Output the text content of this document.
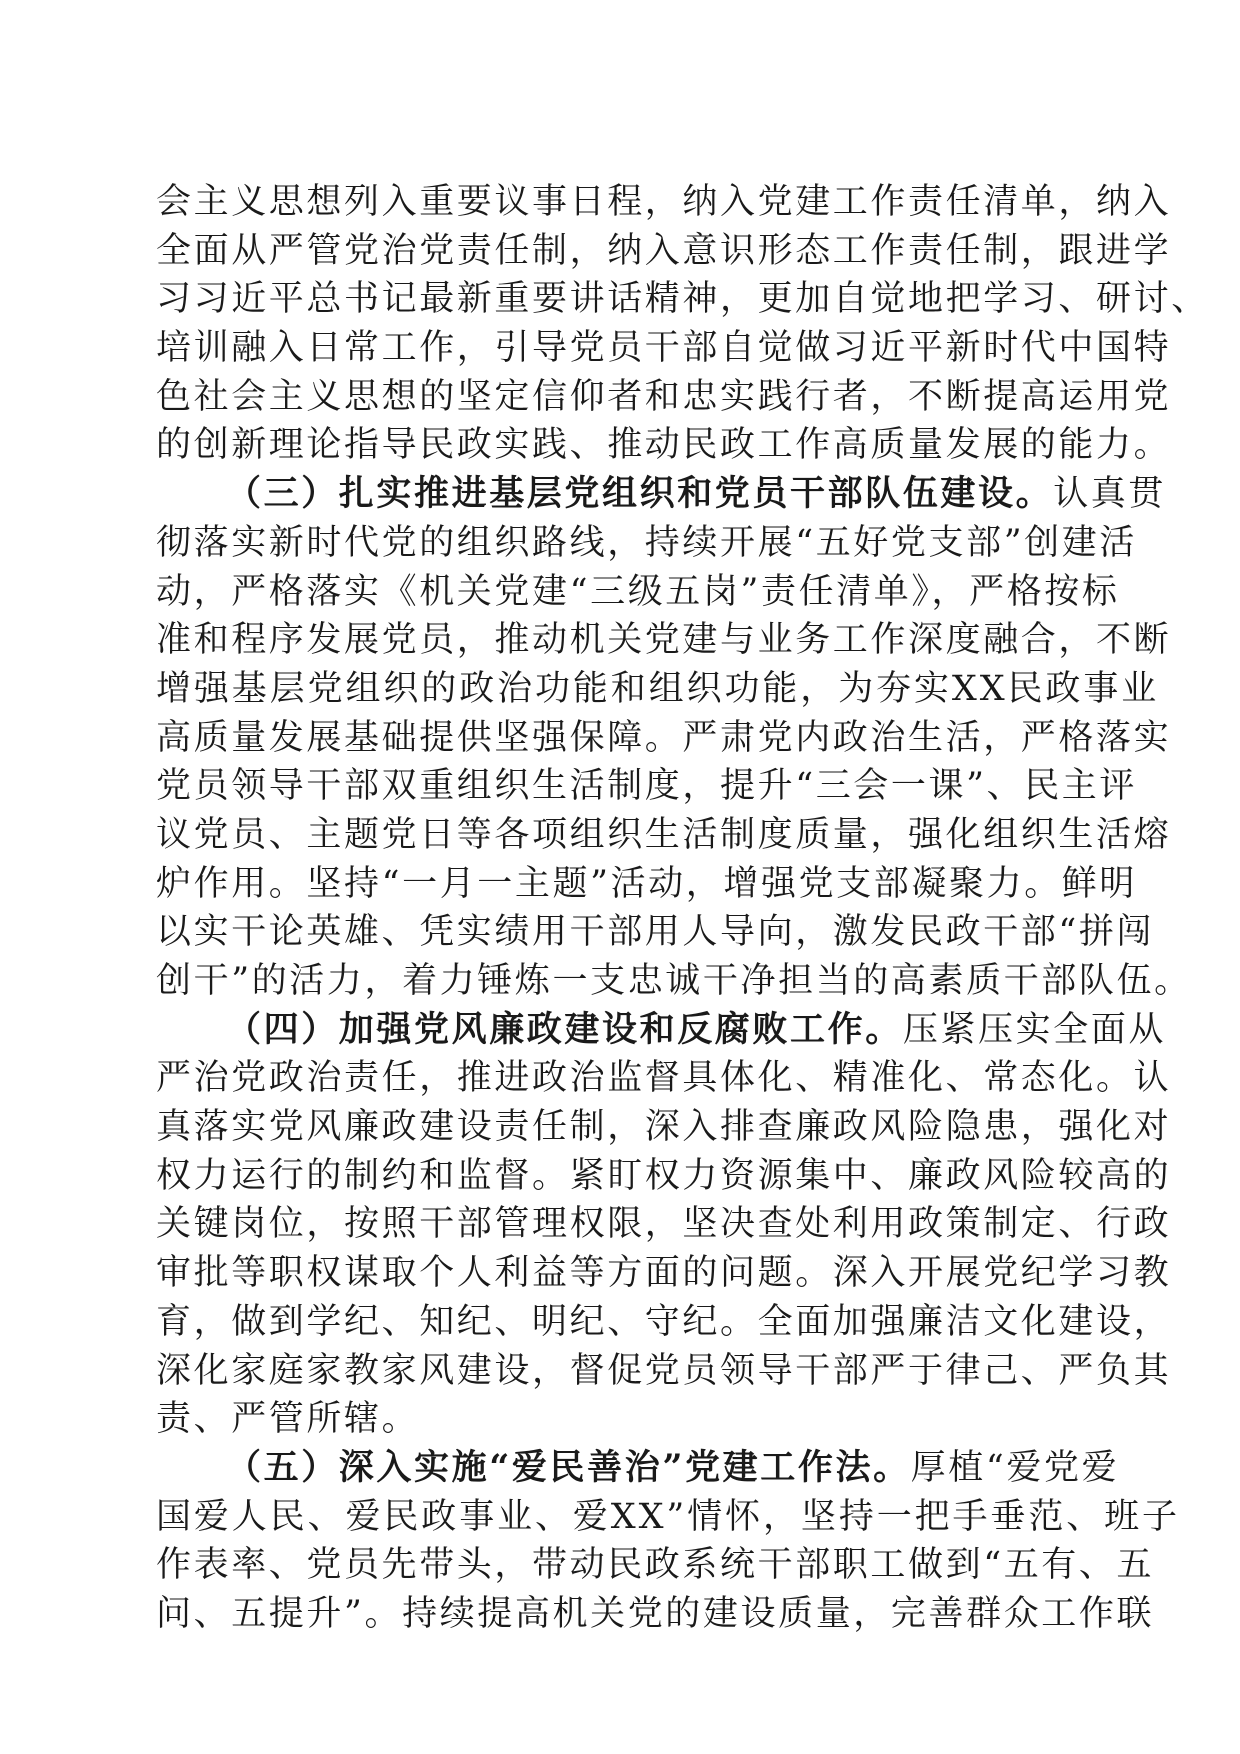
会主义思想列入重要议事日程，纳入党建工作责任清单，纳入
全面从严管党治党责任制，纳入意识形态工作责任制，跟进学
习习近平总书记最新重要讲话精神，更加自觉地把学习、研讨、
培训融入日常工作，引导党员干部自觉做习近平新时代中国特
色社会主义思想的坚定信仰者和忠实践行者，不断提高运用党
的创新理论指导民政实践、推动民政工作高质量发展的能力。
（三）扎实推进基层党组织和党员干部队伍建设。认真贯
彻落实新时代党的组织路线，持续开展“五好党支部”创建活
动，严格落实《机关党建“三级五岗”责任清单》，严格按标
准和程序发展党员，推动机关党建与业务工作深度融合，不断
增强基层党组织的政治功能和组织功能，为夯实XX民政事业
高质量发展基础提供坚强保障。严肃党内政治生活，严格落实
党员领导干部双重组织生活制度，提升“三会一课”、民主评
议党员、主题党日等各项组织生活制度质量，强化组织生活熔
炉作用。坚持“一月一主题”活动，增强党支部凝聚力。鲜明
以实干论英雄、凭实绩用干部用人导向，激发民政干部“拼闯
创干”的活力，着力锤炼一支忠诚干净担当的高素质干部队伍。
（四）加强党风廉政建设和反腐败工作。压紧压实全面从
严治党政治责任，推进政治监督具体化、精准化、常态化。认
真落实党风廉政建设责任制，深入排查廉政风险隐患，强化对
权力运行的制约和监督。紧盯权力资源集中、廉政风险较高的
关键岗位，按照干部管理权限，坚决查处利用政策制定、行政
审批等职权谋取个人利益等方面的问题。深入开展党纪学习教
育，做到学纪、知纪、明纪、守纪。全面加强廉洁文化建设，
深化家庭家教家风建设，督促党员领导干部严于律己、严负其
责、严管所辖。
（五）深入实施“爱民善治”党建工作法。厚植“爱党爱
国爱人民、爱民政事业、爱XX”情怀，坚持一把手垂范、班子
作表率、党员先带头，带动民政系统干部职工做到“五有、五
问、五提升”。持续提高机关党的建设质量，完善群众工作联
